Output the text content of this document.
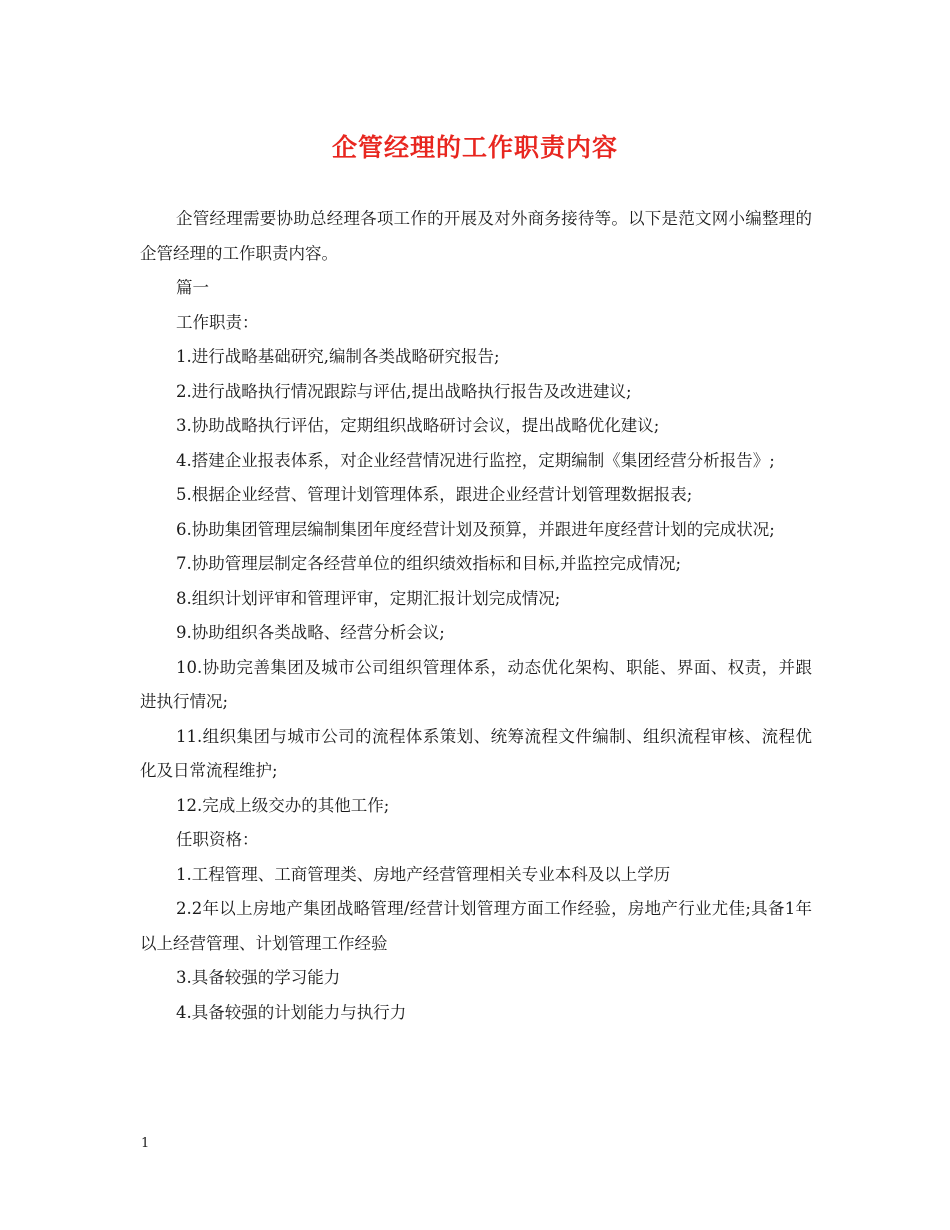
企管经理的工作职责内容

企管经理需要协助总经理各项工作的开展及对外商务接待等。以下是范文网小编整理的企管经理的工作职责内容。

篇一

工作职责：

1.进行战略基础研究,编制各类战略研究报告;

2.进行战略执行情况跟踪与评估,提出战略执行报告及改进建议;

3.协助战略执行评估，定期组织战略研讨会议，提出战略优化建议;

4.搭建企业报表体系，对企业经营情况进行监控，定期编制《集团经营分析报告》;

5.根据企业经营、管理计划管理体系，跟进企业经营计划管理数据报表;

6.协助集团管理层编制集团年度经营计划及预算，并跟进年度经营计划的完成状况;

7.协助管理层制定各经营单位的组织绩效指标和目标,并监控完成情况;

8.组织计划评审和管理评审，定期汇报计划完成情况;

9.协助组织各类战略、经营分析会议;

10.协助完善集团及城市公司组织管理体系，动态优化架构、职能、界面、权责，并跟进执行情况;

11.组织集团与城市公司的流程体系策划、统筹流程文件编制、组织流程审核、流程优化及日常流程维护;

12.完成上级交办的其他工作;

任职资格：

1.工程管理、工商管理类、房地产经营管理相关专业本科及以上学历

2.2年以上房地产集团战略管理/经营计划管理方面工作经验，房地产行业尤佳;具备1年以上经营管理、计划管理工作经验

3.具备较强的学习能力

4.具备较强的计划能力与执行力

1
